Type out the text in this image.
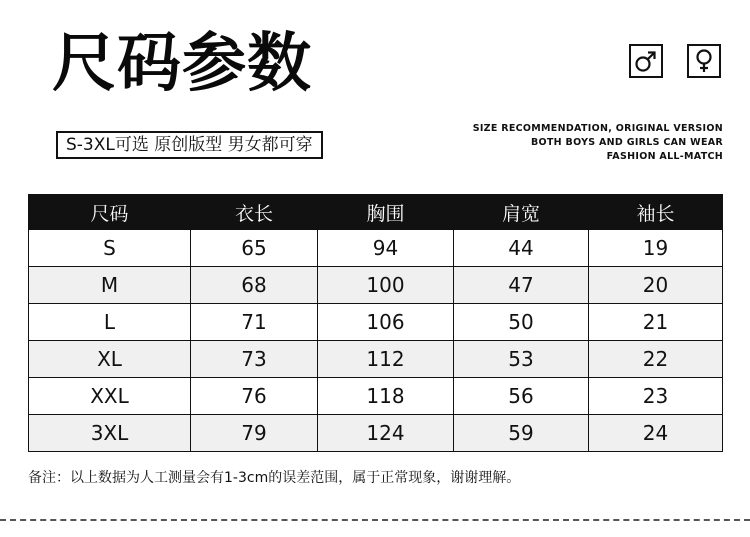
尺码参数
S-3XL可选 原创版型 男女都可穿
SIZE RECOMMENDATION, ORIGINAL VERSION
BOTH BOYS AND GIRLS CAN WEAR
FASHION ALL-MATCH
尺码	衣长	胸围	肩宽	袖长
S	65	94	44	19
M	68	100	47	20
L	71	106	50	21
XL	73	112	53	22
XXL	76	118	56	23
3XL	79	124	59	24
备注：以上数据为人工测量会有1-3cm的误差范围，属于正常现象，谢谢理解。
